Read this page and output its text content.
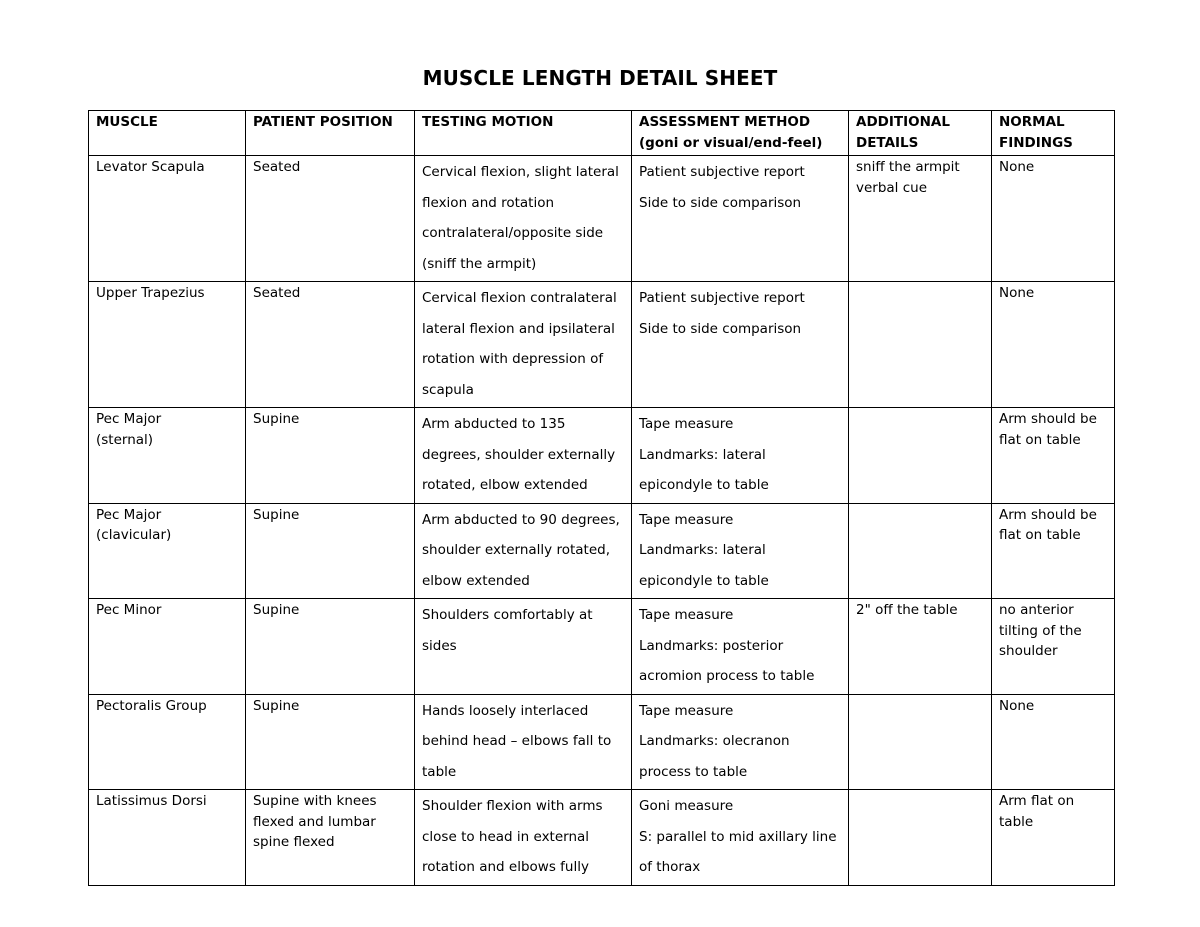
MUSCLE LENGTH DETAIL SHEET
MUSCLE	PATIENT POSITION	TESTING MOTION	ASSESSMENT METHOD
(goni or visual/end-feel)	ADDITIONAL
DETAILS	NORMAL
FINDINGS

Levator Scapula	Seated	Cervical flexion, slight lateral
flexion and rotation
contralateral/opposite side
(sniff the armpit)	Patient subjective report
Side to side comparison	sniff the armpit
verbal cue	None

Upper Trapezius	Seated	Cervical flexion contralateral
lateral flexion and ipsilateral
rotation with depression of
scapula	Patient subjective report
Side to side comparison		None

Pec Major
(sternal)	Supine	Arm abducted to 135
degrees, shoulder externally
rotated, elbow extended	Tape measure
Landmarks: lateral
epicondyle to table		Arm should be
flat on table

Pec Major
(clavicular)	Supine	Arm abducted to 90 degrees,
shoulder externally rotated,
elbow extended	Tape measure
Landmarks: lateral
epicondyle to table		Arm should be
flat on table

Pec Minor	Supine	Shoulders comfortably at
sides	Tape measure
Landmarks: posterior
acromion process to table	2" off the table	no anterior
tilting of the
shoulder

Pectoralis Group	Supine	Hands loosely interlaced
behind head – elbows fall to
table	Tape measure
Landmarks: olecranon
process to table		None

Latissimus Dorsi	Supine with knees
flexed and lumbar
spine flexed	Shoulder flexion with arms
close to head in external
rotation and elbows fully	Goni measure
S: parallel to mid axillary line
of thorax		Arm flat on
table
